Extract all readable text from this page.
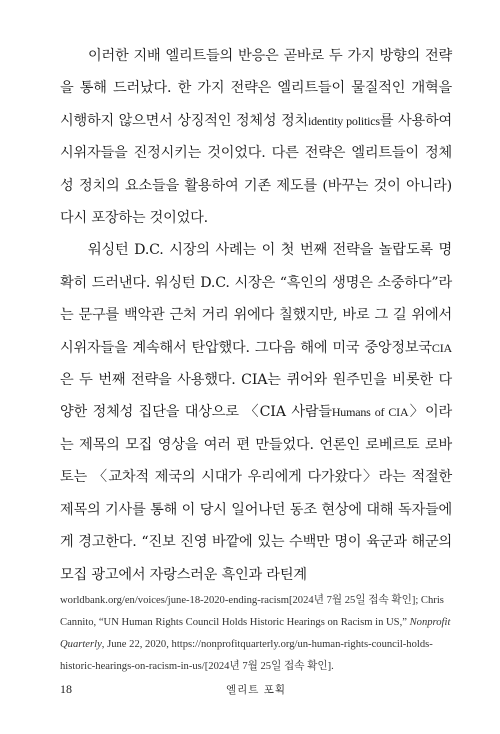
이러한 지배 엘리트들의 반응은 곧바로 두 가지 방향의 전략을 통해 드러났다. 한 가지 전략은 엘리트들이 물질적인 개혁을 시행하지 않으면서 상징적인 정체성 정치identity politics를 사용하여 시위자들을 진정시키는 것이었다. 다른 전략은 엘리트들이 정체성 정치의 요소들을 활용하여 기존 제도를 (바꾸는 것이 아니라) 다시 포장하는 것이었다.

워싱턴 D.C. 시장의 사례는 이 첫 번째 전략을 놀랍도록 명확히 드러낸다. 워싱턴 D.C. 시장은 “흑인의 생명은 소중하다”라는 문구를 백악관 근처 거리 위에다 칠했지만, 바로 그 길 위에서 시위자들을 계속해서 탄압했다. 그다음 해에 미국 중앙정보국CIA은 두 번째 전략을 사용했다. CIA는 퀴어와 원주민을 비롯한 다양한 정체성 집단을 대상으로 〈CIA 사람들Humans of CIA〉이라는 제목의 모집 영상을 여러 편 만들었다. 언론인 로베르토 로바토는 〈교차적 제국의 시대가 우리에게 다가왔다〉라는 적절한 제목의 기사를 통해 이 당시 일어나던 동조 현상에 대해 독자들에게 경고한다. “진보 진영 바깥에 있는 수백만 명이 육군과 해군의 모집 광고에서 자랑스러운 흑인과 라틴계

worldbank.org/en/voices/june-18-2020-ending-racism[2024년 7월 25일 접속 확인]; Chris Cannito, “UN Human Rights Council Holds Historic Hearings on Racism in US,” Nonprofit Quarterly, June 22, 2020, https://nonprofitquarterly.org/un-human-rights-council-holds-historic-hearings-on-racism-in-us/[2024년 7월 25일 접속 확인].

18	엘리트 포획
